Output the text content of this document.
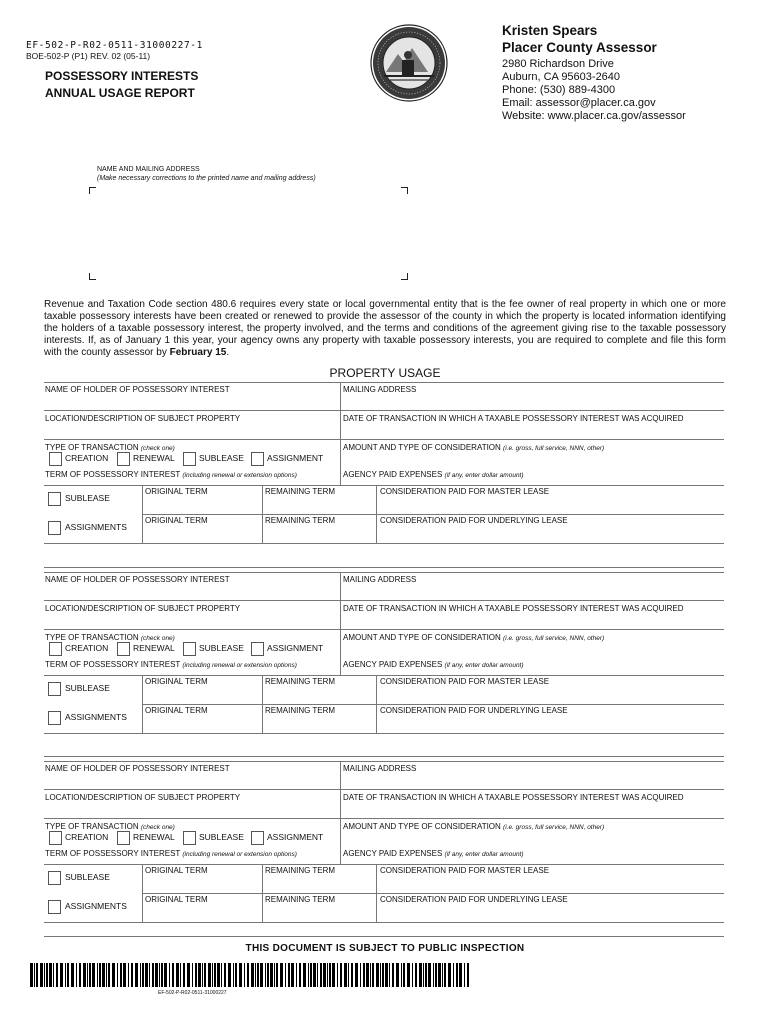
EF-502-P-R02-0511-31000227-1
BOE-502-P (P1) REV. 02 (05-11)
POSSESSORY INTERESTS
ANNUAL USAGE REPORT
Kristen Spears
Placer County Assessor
2980 Richardson Drive
Auburn, CA 95603-2640
Phone: (530) 889-4300
Email: assessor@placer.ca.gov
Website: www.placer.ca.gov/assessor
NAME AND MAILING ADDRESS
(Make necessary corrections to the printed name and mailing address)
Revenue and Taxation Code section 480.6 requires every state or local governmental entity that is the fee owner of real property in which one or more taxable possessory interests have been created or renewed to provide the assessor of the county in which the property is located information identifying the holders of a taxable possessory interest, the property involved, and the terms and conditions of the agreement giving rise to the taxable possessory interests. If, as of January 1 this year, your agency owns any property with taxable possessory interests, you are required to complete and file this form with the county assessor by February 15.
PROPERTY USAGE
NAME OF HOLDER OF POSSESSORY INTEREST	MAILING ADDRESS
LOCATION/DESCRIPTION OF SUBJECT PROPERTY	DATE OF TRANSACTION IN WHICH A TAXABLE POSSESSORY INTEREST WAS ACQUIRED
TYPE OF TRANSACTION (check one)	AMOUNT AND TYPE OF CONSIDERATION (i.e. gross, full service, NNN, other)
CREATION	RENEWAL	SUBLEASE	ASSIGNMENT
TERM OF POSSESSORY INTEREST (including renewal or extension options)	AGENCY PAID EXPENSES (if any, enter dollar amount)
SUBLEASE
ORIGINAL TERM	REMAINING TERM	CONSIDERATION PAID FOR MASTER LEASE
ASSIGNMENTS
ORIGINAL TERM	REMAINING TERM	CONSIDERATION PAID FOR UNDERLYING LEASE
NAME OF HOLDER OF POSSESSORY INTEREST	MAILING ADDRESS
LOCATION/DESCRIPTION OF SUBJECT PROPERTY	DATE OF TRANSACTION IN WHICH A TAXABLE POSSESSORY INTEREST WAS ACQUIRED
TYPE OF TRANSACTION (check one)	AMOUNT AND TYPE OF CONSIDERATION (i.e. gross, full service, NNN, other)
CREATION	RENEWAL	SUBLEASE	ASSIGNMENT
TERM OF POSSESSORY INTEREST (including renewal or extension options)	AGENCY PAID EXPENSES (if any, enter dollar amount)
SUBLEASE
ORIGINAL TERM	REMAINING TERM	CONSIDERATION PAID FOR MASTER LEASE
ASSIGNMENTS
ORIGINAL TERM	REMAINING TERM	CONSIDERATION PAID FOR UNDERLYING LEASE
NAME OF HOLDER OF POSSESSORY INTEREST	MAILING ADDRESS
LOCATION/DESCRIPTION OF SUBJECT PROPERTY	DATE OF TRANSACTION IN WHICH A TAXABLE POSSESSORY INTEREST WAS ACQUIRED
TYPE OF TRANSACTION (check one)	AMOUNT AND TYPE OF CONSIDERATION (i.e. gross, full service, NNN, other)
CREATION	RENEWAL	SUBLEASE	ASSIGNMENT
TERM OF POSSESSORY INTEREST (including renewal or extension options)	AGENCY PAID EXPENSES (if any, enter dollar amount)
SUBLEASE
ORIGINAL TERM	REMAINING TERM	CONSIDERATION PAID FOR MASTER LEASE
ASSIGNMENTS
ORIGINAL TERM	REMAINING TERM	CONSIDERATION PAID FOR UNDERLYING LEASE
THIS DOCUMENT IS SUBJECT TO PUBLIC INSPECTION
EF-502-P-R02-0511-31000227
